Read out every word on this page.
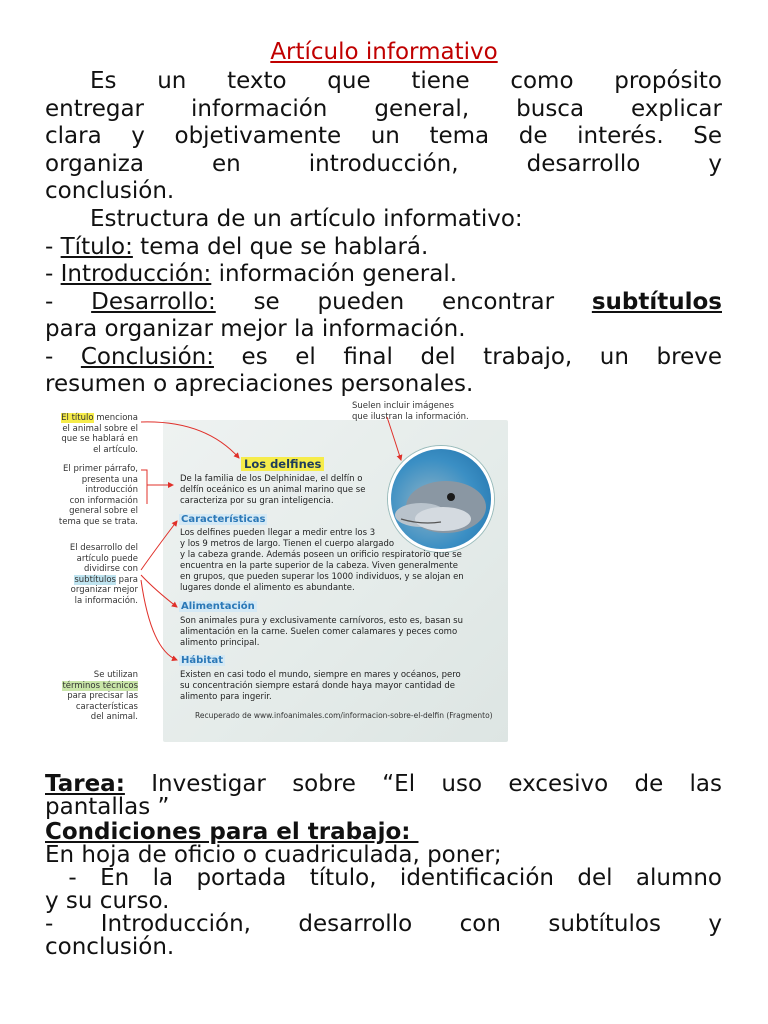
Artículo informativo
Es un texto que tiene como propósito
entregar información general, busca explicar
clara y objetivamente un tema de interés. Se
organiza en introducción, desarrollo y
conclusión.
Estructura de un artículo informativo:
- Título: tema del que se hablará.
- Introducción: información general.
- Desarrollo: se pueden encontrar subtítulos
para organizar mejor la información.
- Conclusión: es el final del trabajo, un breve
resumen o apreciaciones personales.
El título menciona
el animal sobre el
que se hablará en
el artículo.
El primer párrafo,
presenta una
introducción
con información
general sobre el
tema que se trata.
El desarrollo del
artículo puede
dividirse con
subtítulos para
organizar mejor
la información.
Se utilizan
términos técnicos
para precisar las
características
del animal.
Suelen incluir imágenes
que ilustran la información.
Los delfines
De la familia de los Delphinidae, el delfín o
delfín oceánico es un animal marino que se
caracteriza por su gran inteligencia.
Características
Los delfines pueden llegar a medir entre los 3
y los 9 metros de largo. Tienen el cuerpo alargado
y la cabeza grande. Además poseen un orificio respiratorio que se
encuentra en la parte superior de la cabeza. Viven generalmente
en grupos, que pueden superar los 1000 individuos, y se alojan en
lugares donde el alimento es abundante.
Alimentación
Son animales pura y exclusivamente carnívoros, esto es, basan su
alimentación en la carne. Suelen comer calamares y peces como
alimento principal.
Hábitat
Existen en casi todo el mundo, siempre en mares y océanos, pero
su concentración siempre estará donde haya mayor cantidad de
alimento para ingerir.
Recuperado de www.infoanimales.com/informacion-sobre-el-delfin (Fragmento)
Tarea: Investigar sobre “El uso excesivo de las
pantallas ”
Condiciones para el trabajo:
En hoja de oficio o cuadriculada, poner;
- En la portada título, identificación del alumno
y su curso.
- Introducción, desarrollo con subtítulos y
conclusión.
